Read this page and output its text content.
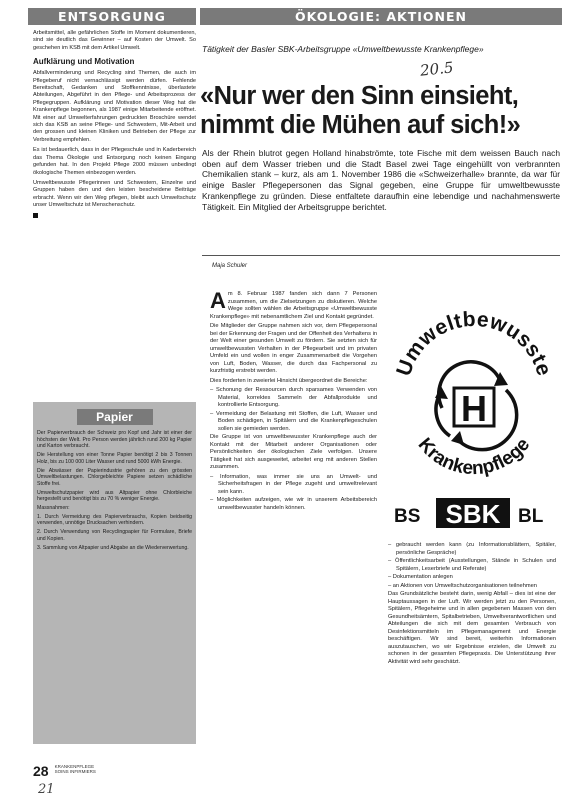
ENTSORGUNG	ÖKOLOGIE: AKTIONEN

Arbeitsmittel, alle gefährlichen Stoffe im Moment dokumentieren, sind sie deutlich das Gewinner – auf Kosten der Umwelt. So geschehen im KSB mit dem Artikel Umwelt.

Aufklärung und Motivation

Abfallverminderung und Recycling sind Themen, die auch im Pflegeberuf nicht vernachlässigt werden dürfen. Fehlende Bereitschaft, Gedanken und Stoffkenntnisse, überlastete Abteilungen, Abgeführt in den Pflege- und Arbeitsprozess der Pflegegruppen. Aufklärung und Motivation dieser Weg hat die Krankenpflege begonnen, als 1987 einige Mitarbeitende eröffnet. Mit einer auf Umwelterfahrungen gedruckten Broschüre wendet sich das KSB an seine Pflege- und Schwestern, Mit-Arbeit und den grossen und kleinen Kliniken und Betrieben der Pflege zur Verbreitung empfehlen.

Es ist bedauerlich, dass in der Pflegeschule und in Kaderbereich das Thema Ökologie und Entsorgung noch keinen Eingang gefunden hat. In den Projekt Pflege 2000 müssen unbedingt ökologische Themen einbezogen werden.

Umweltbewusste Pflegerinnen und Schwestern, Einzelne und Gruppen haben den und den leisten bescheidene Beiträge erbracht. Wenn wir den Weg pflegen, bleibt auch Umweltschutz unser Umweltschutz ist Menschenschutz.

Papier

Der Papierverbrauch der Schweiz pro Kopf und Jahr ist einer der höchsten der Welt. Pro Person werden jährlich rund 200 kg Papier und Karton verbraucht.

Die Herstellung von einer Tonne Papier benötigt 2 bis 3 Tonnen Holz, bis zu 100 000 Liter Wasser und rund 5000 kWh Energie.

Die Abwässer der Papierindustrie gehören zu den grössten Umweltbelastungen. Chlorgebleichte Papiere setzen schädliche Stoffe frei.

Umweltschutzpapier wird aus Altpapier ohne Chlorbleiche hergestellt und benötigt bis zu 70 % weniger Energie.

Massnahmen:

1. Durch Vermeidung des Papierverbrauchs, Kopien beidseitig verwenden, unnötige Drucksachen verhindern.

2. Durch Verwendung von Recyclingpapier für Formulare, Briefe und Kopien.

3. Sammlung von Altpapier und Abgabe an die Wiederverwertung.

Tätigkeit der Basler SBK-Arbeitsgruppe «Umweltbewusste Krankenpflege»
20.5
«Nur wer den Sinn einsieht,
nimmt die Mühen auf sich!»
Als der Rhein blutrot gegen Holland hinabströmte, tote Fische mit dem weissen Bauch nach oben auf dem Wasser trieben und die Stadt Basel zwei Tage eingehüllt von verbrannten Chemikalien stank – kurz, als am 1. November 1986 die «Schweizerhalle» brannte, da war für einige Basler Pflegepersonen das Signal gegeben, eine Gruppe für umweltbewusste Krankenpflege zu gründen. Diese entfaltete daraufhin eine lebendige und nachahmenswerte Tätigkeit. Ein Mitglied der Arbeitsgruppe berichtet.
Maja Schuler

Am 8. Februar 1987 fanden sich dann 7 Personen zusammen, um die Zielsetzungen zu diskutieren. Welche Wege sollten wählen die Arbeitsgruppe «Umweltbewusste Krankenpflege» mit nebenamtlichem Ziel und Kontakt gegründet.

Die Mitglieder der Gruppe nahmen sich vor, dem Pflegepersonal bei der Erkennung der Fragen und der Offenheit des Verhaltens in der Welt einer gesunden Umwelt zu fördern. Sie setzten sich für umweltbewussten Verhalten in der Pflegearbeit und im privaten Umfeld ein und wollen in enger Zusammenarbeit die Vorgehen von Luft, Boden, Wasser, die durch das Fachpersonal zu kurzfristig erstrebt werden.

Dies forderten in zweierlei Hinsicht übergeordnet die Bereiche:

– Schonung der Ressourcen durch sparsames Verwenden von Material, korrektes Sammeln der Abfallprodukte und kontrollierte Entsorgung.
– Vermeidung der Belastung mit Stoffen, die Luft, Wasser und Boden schädigen, in Spitälern und die Krankenpflegeschulen sollen sie gemieden werden.

Die Gruppe ist von umweltbewusster Krankenpflege auch der Kontakt mit der Mitarbeit anderer Organisationen oder Persönlichkeiten der ökologischen Ziele verfolgen. Unsere Tätigkeit hat sich ausgeweitet, arbeitet eng mit anderen Stellen zusammen.

– Information, was immer sie uns an Umwelt- und Sicherheitsfragen in der Pflege zugeht und umweltrelevant sein kann.
– Möglichkeiten aufzeigen, wie wir in unserem Arbeitsbereich umweltbewusster handeln können.
Umweltbewusste
H
Krankenpflege
BS SBK BL
– gebraucht werden kann (zu Informationsblättern, Spitäler, persönliche Gespräche)
– Öffentlichkeitsarbeit (Ausstellungen, Stände in Schulen und Spitälern, Leserbriefe und Referate)
– Dokumentation anlegen
– an Aktionen von Umweltschutzorganisationen teilnehmen

Das Grundsätzliche besteht darin, wenig Abfall – dies ist eine der Hauptaussagen in der Luft. Wir werden jetzt zu den Personen, Spitälern, Pflegeheime und in allen gegebenen Massen von den Gesundheitsämtern, Spitalbetrieben, Umweltverantwortlichen und Abteilungen die sich mit dem gesamten Verbrauch von Desinfektionsmitteln im Pflegemanagement und Energie beschäftigen. Wir sind bereit, weiterhin Informationen auszutauschen, wo wir Ergebnisse erzielen, die Umwelt zu schonen in der gesamten Pflegepraxis. Die Unterstützung ihrer Aktivität wird sehr geschätzt.

28 KRANKENPFLEGE
SOINS INFIRMIERS
21
